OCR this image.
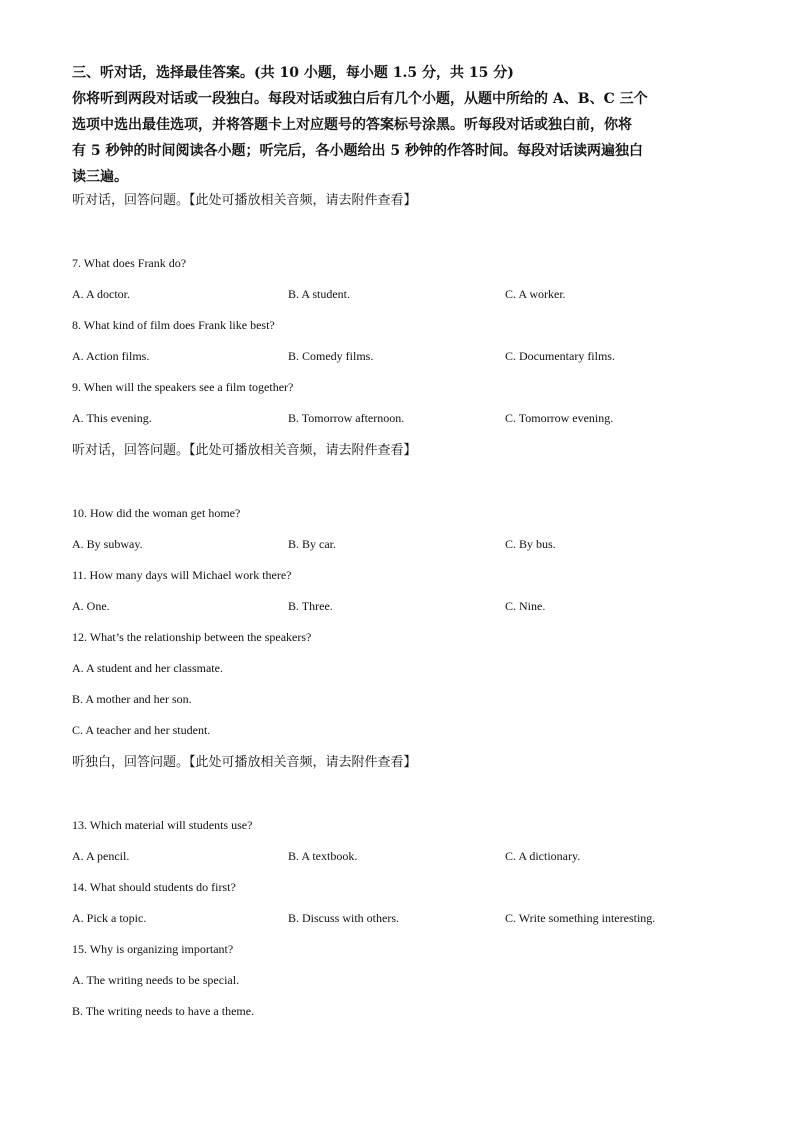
三、听对话，选择最佳答案。(共 10 小题，每小题 1.5 分，共 15 分)
你将听到两段对话或一段独白。每段对话或独白后有几个小题，从题中所给的 A、B、C 三个
选项中选出最佳选项，并将答题卡上对应题号的答案标号涂黑。听每段对话或独白前，你将
有 5 秒钟的时间阅读各小题；听完后，各小题给出 5 秒钟的作答时间。每段对话读两遍独白
读三遍。
听对话，回答问题。【此处可播放相关音频，请去附件查看】
7. What does Frank do?
A. A doctor.	B. A student.	C. A worker.
8. What kind of film does Frank like best?
A. Action films.	B. Comedy films.	C. Documentary films.
9. When will the speakers see a film together?
A. This evening.	B. Tomorrow afternoon.	C. Tomorrow evening.
听对话，回答问题。【此处可播放相关音频，请去附件查看】
10. How did the woman get home?
A. By subway.	B. By car.	C. By bus.
11. How many days will Michael work there?
A. One.	B. Three.	C. Nine.
12. What’s the relationship between the speakers?
A. A student and her classmate.
B. A mother and her son.
C. A teacher and her student.
听独白，回答问题。【此处可播放相关音频，请去附件查看】
13. Which material will students use?
A. A pencil.	B. A textbook.	C. A dictionary.
14. What should students do first?
A. Pick a topic.	B. Discuss with others.	C. Write something interesting.
15. Why is organizing important?
A. The writing needs to be special.
B. The writing needs to have a theme.
